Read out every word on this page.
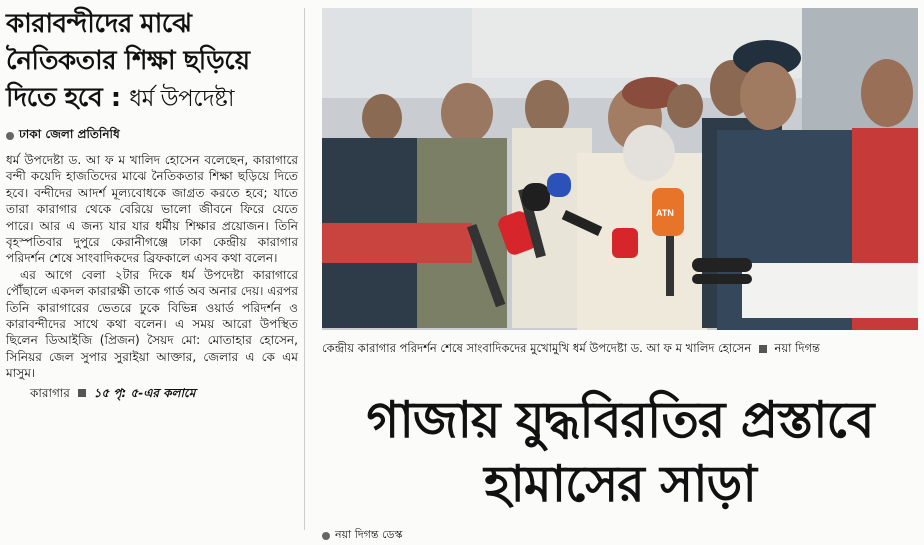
কারাবন্দীদের মাঝে
নৈতিকতার শিক্ষা ছড়িয়ে
দিতে হবে : ধর্ম উপদেষ্টা
ঢাকা জেলা প্রতিনিধি

ধর্ম উপদেষ্টা ড. আ ফ ম খালিদ হোসেন বলেছেন, কারাগারে বন্দী কয়েদি হাজতিদের মাঝে নৈতিকতার শিক্ষা ছড়িয়ে দিতে হবে। বন্দীদের আদর্শ মূল্যবোধকে জাগ্রত করতে হবে; যাতে তারা কারাগার থেকে বেরিয়ে ভালো জীবনে ফিরে যেতে পারে। আর এ জন্য যার যার ধর্মীয় শিক্ষার প্রয়োজন। তিনি বৃহস্পতিবার দুপুরে কেরানীগঞ্জে ঢাকা কেন্দ্রীয় কারাগার পরিদর্শন শেষে সাংবাদিকদের ব্রিফকালে এসব কথা বলেন।

এর আগে বেলা ২টার দিকে ধর্ম উপদেষ্টা কারাগারে পৌঁছালে একদল কারারক্ষী তাকে গার্ড অব অনার দেয়। এরপর তিনি কারাগারের ভেতরে ঢুকে বিভিন্ন ওয়ার্ড পরিদর্শন ও কারাবন্দীদের সাথে কথা বলেন। এ সময় আরো উপস্থিত ছিলেন ডিআইজি (প্রিজন) সৈয়দ মো: মোতাহার হোসেন, সিনিয়র জেল সুপার সুরাইয়া আক্তার, জেলার এ কে এম মাসুম।

কারাগার ১৫ পৃ: ৫-এর কলামে
ATN
কেন্দ্রীয় কারাগার পরিদর্শন শেষে সাংবাদিকদের মুখোমুখি ধর্ম উপদেষ্টা ড. আ ফ ম খালিদ হোসেন নয়া দিগন্ত
গাজায় যুদ্ধবিরতির প্রস্তাবে
হামাসের সাড়া
নয়া দিগন্ত ডেস্ক
